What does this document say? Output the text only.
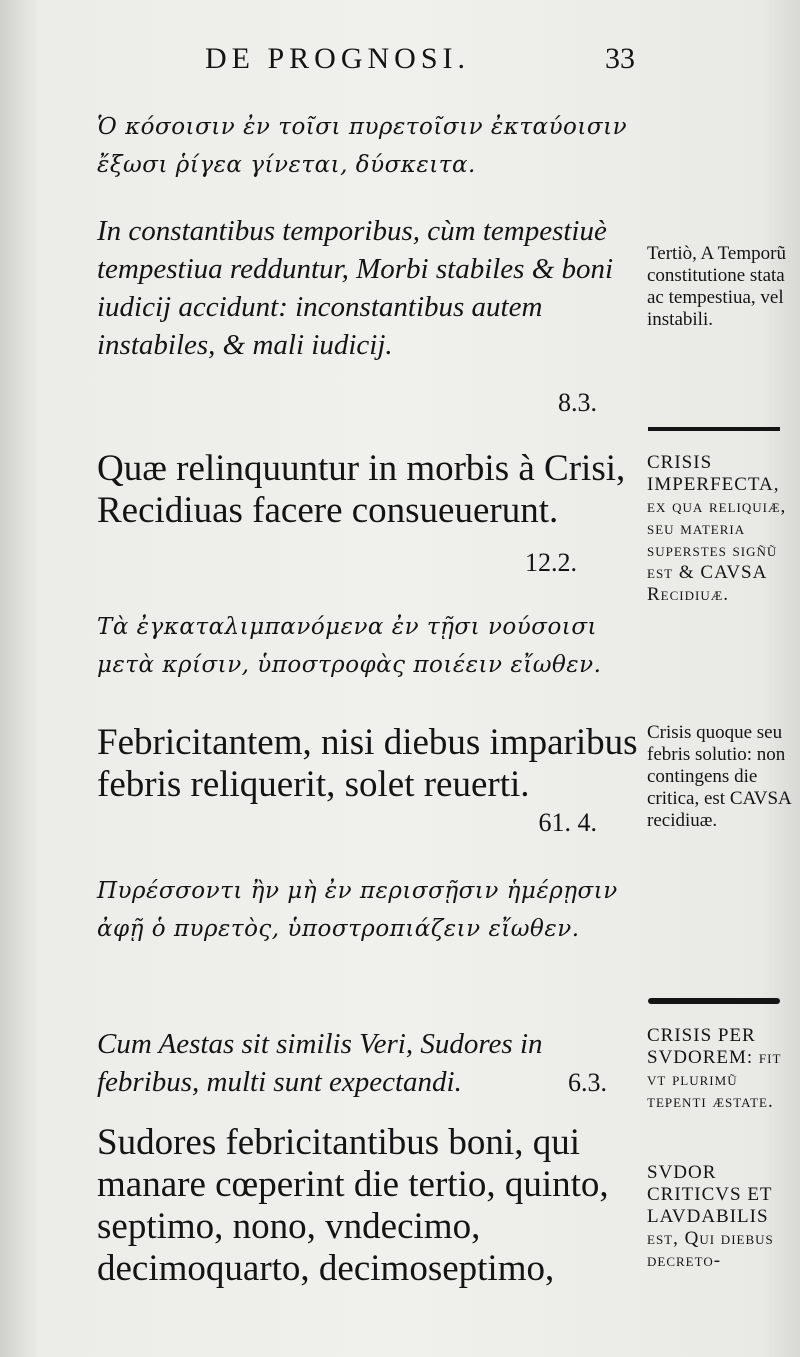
DE PROGNOSI.	33
Ὁ κόσοισιν ἐν τοῖσι πυρετοῖσιν ἐκταύοισιν ἔξωσι ῥίγεα γίνεται, δύσκειτα.
In constantibus temporibus, cùm tempestiuè tempestiua redduntur, Morbi stabiles & boni iudicij accidunt: inconstantibus autem instabiles, & mali iudicij.
8.3.
Quæ relinquuntur in morbis à Crisi, Recidiuas facere consueuerunt.
12.2.
Τὰ ἐγκαταλιμπανόμενα ἐν τῇσι νούσοισι μετὰ κρίσιν, ὑποστροφὰς ποιέειν εἴωθεν.
Febricitantem, nisi diebus imparibus febris reliquerit, solet reuerti.
61. 4.
Πυρέσσοντι ἢν μὴ ἐν περισσῇσιν ἡμέρῃσιν ἀφῇ ὁ πυρετὸς, ὑποστροπιάζειν εἴωθεν.
Cum Aestas sit similis Veri, Sudores in febribus, multi sunt expectandi.	6.3.
Sudores febricitantibus boni, qui manare cœperint die tertio, quinto, septimo, nono, vndecimo, decimoquarto, decimoseptimo,
Tertiò, A Temporũ constitutione stata ac tempestiua, vel instabili.
CRISIS IMPERFECTA, ex qua reliquiæ, seu materia superstes sigñũ est & CAVSA Recidiuæ.
Crisis quoque seu febris solutio: non contingens die critica, est CAVSA recidiuæ.
CRISIS PER SVDOREM: fit vt plurimũ tepenti æstate.
SVDOR CRITICVS ET LAVDABILIS est, Qui diebus decreto-
